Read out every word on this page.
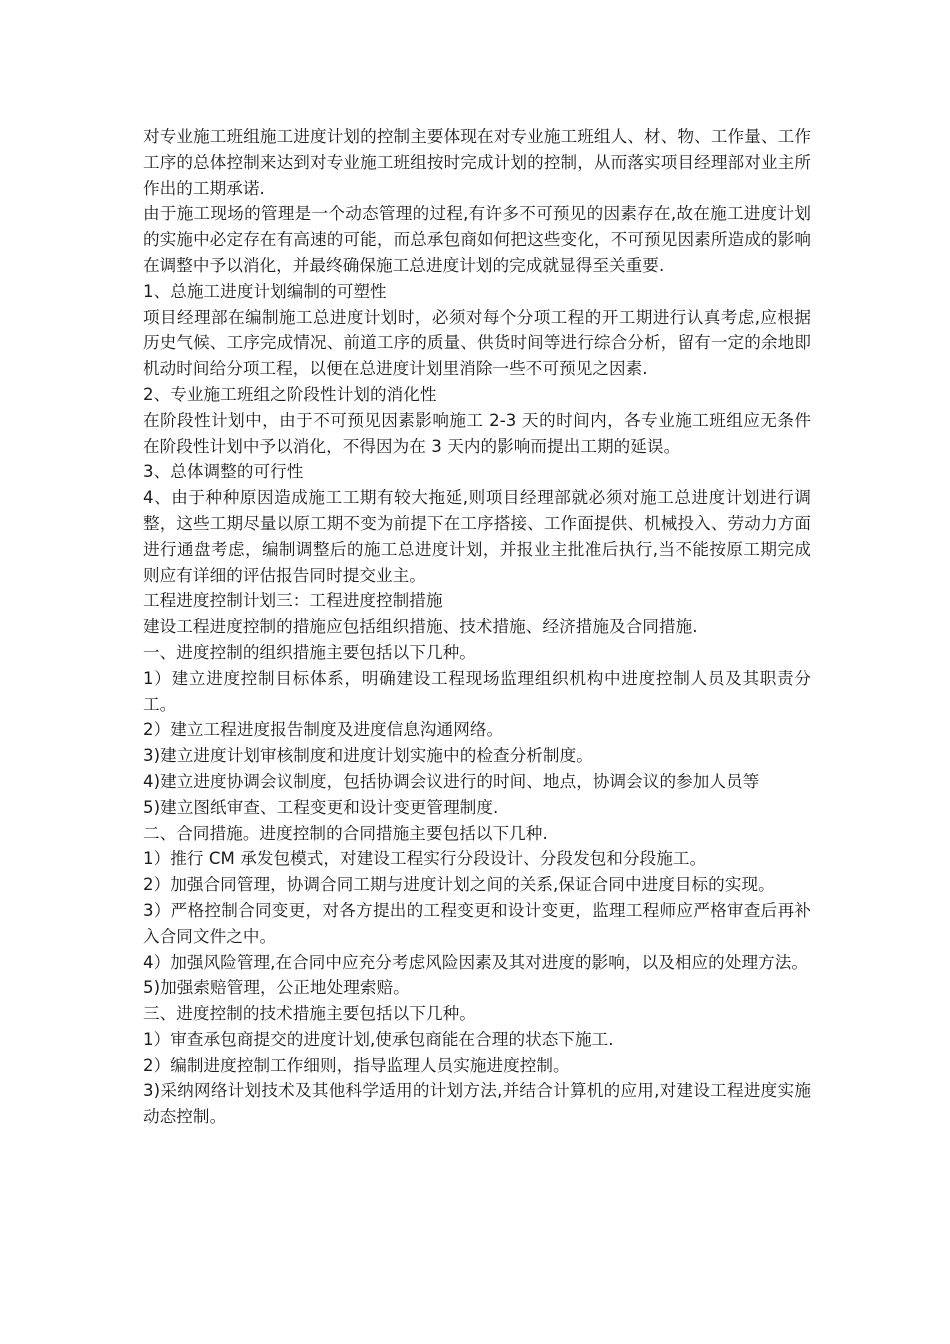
对专业施工班组施工进度计划的控制主要体现在对专业施工班组人、材、物、工作量、工作工序的总体控制来达到对专业施工班组按时完成计划的控制，从而落实项目经理部对业主所作出的工期承诺.

由于施工现场的管理是一个动态管理的过程,有许多不可预见的因素存在,故在施工进度计划的实施中必定存在有高速的可能，而总承包商如何把这些变化，不可预见因素所造成的影响在调整中予以消化，并最终确保施工总进度计划的完成就显得至关重要.

1、总施工进度计划编制的可塑性

项目经理部在编制施工总进度计划时，必须对每个分项工程的开工期进行认真考虑,应根据历史气候、工序完成情况、前道工序的质量、供货时间等进行综合分析，留有一定的余地即机动时间给分项工程，以便在总进度计划里消除一些不可预见之因素.

2、专业施工班组之阶段性计划的消化性

在阶段性计划中，由于不可预见因素影响施工 2-3 天的时间内，各专业施工班组应无条件在阶段性计划中予以消化，不得因为在 3 天内的影响而提出工期的延误。

3、总体调整的可行性

4、由于种种原因造成施工工期有较大拖延,则项目经理部就必须对施工总进度计划进行调整，这些工期尽量以原工期不变为前提下在工序搭接、工作面提供、机械投入、劳动力方面进行通盘考虑，编制调整后的施工总进度计划，并报业主批准后执行,当不能按原工期完成则应有详细的评估报告同时提交业主。

工程进度控制计划三：工程进度控制措施

建设工程进度控制的措施应包括组织措施、技术措施、经济措施及合同措施.

一、进度控制的组织措施主要包括以下几种。

1）建立进度控制目标体系，明确建设工程现场监理组织机构中进度控制人员及其职责分工。

2）建立工程进度报告制度及进度信息沟通网络。

3)建立进度计划审核制度和进度计划实施中的检查分析制度。

4)建立进度协调会议制度，包括协调会议进行的时间、地点，协调会议的参加人员等

5)建立图纸审查、工程变更和设计变更管理制度.

二、合同措施。进度控制的合同措施主要包括以下几种.

1）推行 CM 承发包模式，对建设工程实行分段设计、分段发包和分段施工。

2）加强合同管理，协调合同工期与进度计划之间的关系,保证合同中进度目标的实现。

3）严格控制合同变更，对各方提出的工程变更和设计变更，监理工程师应严格审查后再补入合同文件之中。

4）加强风险管理,在合同中应充分考虑风险因素及其对进度的影响，以及相应的处理方法。

5)加强索赔管理，公正地处理索赔。

三、进度控制的技术措施主要包括以下几种。

1）审查承包商提交的进度计划,使承包商能在合理的状态下施工.

2）编制进度控制工作细则，指导监理人员实施进度控制。

3)采纳网络计划技术及其他科学适用的计划方法,并结合计算机的应用,对建设工程进度实施动态控制。
